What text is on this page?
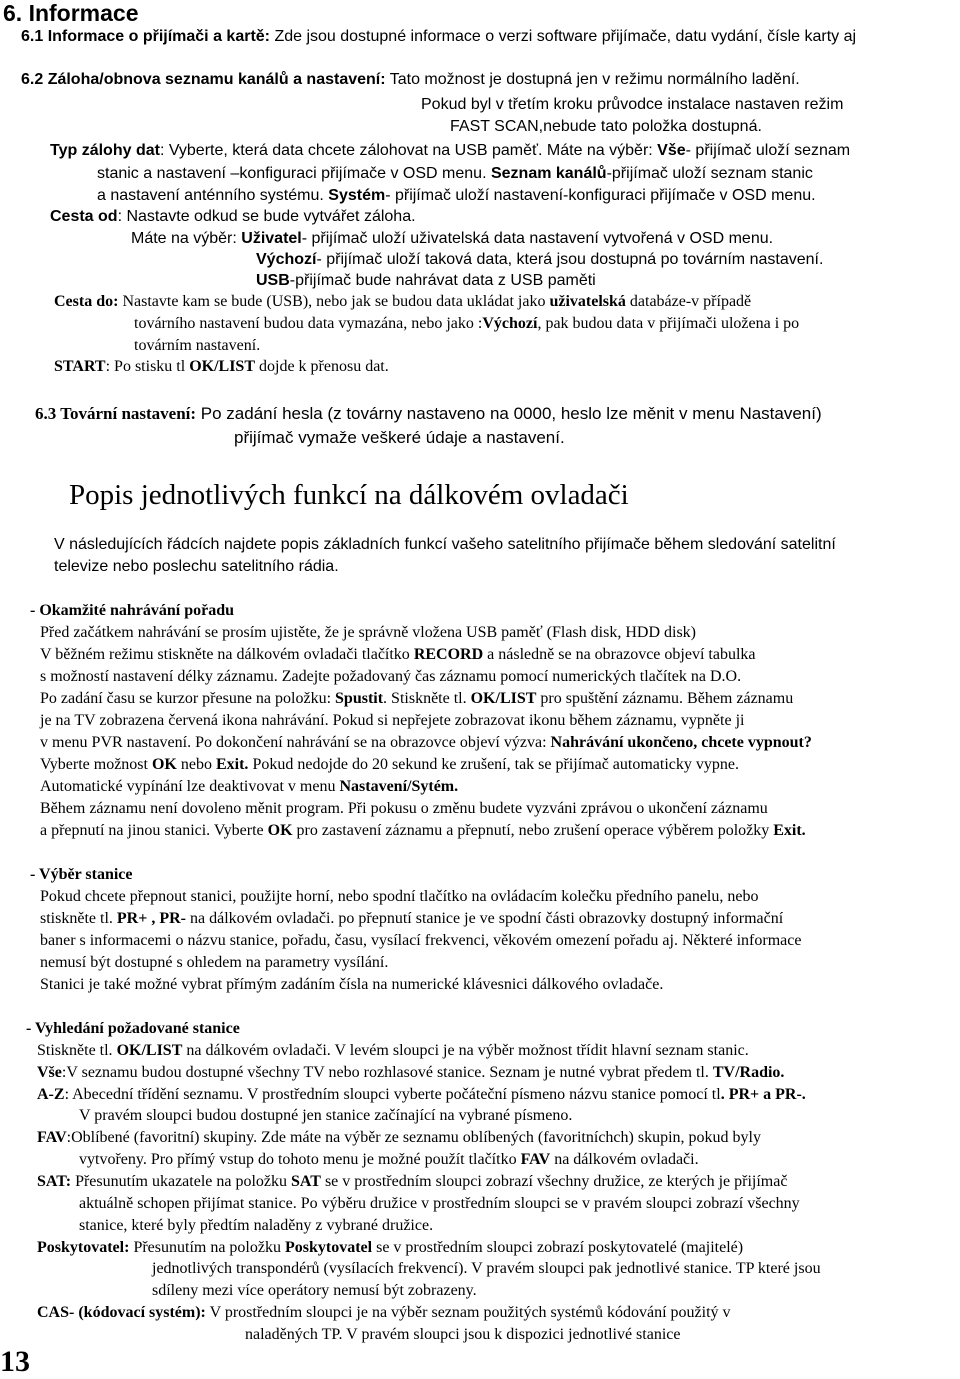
6. Informace
6.1 Informace o přijímači a kartě: Zde jsou dostupné informace o verzi software přijímače, datu vydání, čísle karty aj
6.2 Záloha/obnova seznamu kanálů a nastavení: Tato možnost je dostupná jen v režimu normálního ladění.
Pokud byl v třetím kroku průvodce instalace nastaven režim
FAST SCAN,nebude tato položka dostupná.
Typ zálohy dat: Vyberte, která data chcete zálohovat na USB paměť. Máte na výběr: Vše- přijímač uloží seznam
stanic a nastavení –konfiguraci přijímače v OSD menu. Seznam kanálů-přijímač uloží seznam stanic
a nastavení anténního systému. Systém- přijímač uloží nastavení-konfiguraci přijímače v OSD menu.
Cesta od: Nastavte odkud se bude vytvářet záloha.
Máte na výběr: Uživatel- přijímač uloží uživatelská data nastavení vytvořená v OSD menu.
Výchozí- přijímač uloží taková data, která jsou dostupná po továrním nastavení.
USB-přijímač bude nahrávat data z USB paměti
Cesta do: Nastavte kam se bude (USB), nebo jak se budou data ukládat jako uživatelská databáze-v případě
továrního nastavení budou data vymazána, nebo jako :Výchozí, pak budou data v přijímači uložena i po
továrním nastavení.
START: Po stisku tl OK/LIST dojde k přenosu dat.
6.3 Tovární nastavení: Po zadání hesla (z továrny nastaveno na 0000, heslo lze měnit v menu Nastavení)
přijímač vymaže veškeré údaje a nastavení.
Popis jednotlivých funkcí na dálkovém ovladači
V následujících řádcích najdete popis základních funkcí vašeho satelitního přijímače během sledování satelitní
televize nebo poslechu satelitního rádia.
- Okamžité nahrávání pořadu
Před začátkem nahrávání se prosím ujistěte, že je správně vložena USB paměť (Flash disk, HDD disk)
V běžném režimu stiskněte na dálkovém ovladači tlačítko RECORD a následně se na obrazovce objeví tabulka
s možností nastavení délky záznamu. Zadejte požadovaný čas záznamu pomocí numerických tlačítek na D.O.
Po zadání času se kurzor přesune na položku: Spustit. Stiskněte tl. OK/LIST pro spuštění záznamu. Během záznamu
je na TV zobrazena červená ikona nahrávání. Pokud si nepřejete zobrazovat ikonu během záznamu, vypněte ji
v menu PVR nastavení. Po dokončení nahrávání se na obrazovce objeví výzva: Nahrávání ukončeno, chcete vypnout?
Vyberte možnost OK nebo Exit. Pokud nedojde do 20 sekund ke zrušení, tak se přijímač automaticky vypne.
Automatické vypínání lze deaktivovat v menu Nastavení/Sytém.
Během záznamu není dovoleno měnit program. Při pokusu o změnu budete vyzváni zprávou o ukončení záznamu
a přepnutí na jinou stanici. Vyberte OK pro zastavení záznamu a přepnutí, nebo zrušení operace výběrem položky Exit.
- Výběr stanice
Pokud chcete přepnout stanici, použijte horní, nebo spodní tlačítko na ovládacím kolečku předního panelu, nebo
stiskněte tl. PR+ , PR- na dálkovém ovladači. po přepnutí stanice je ve spodní části obrazovky dostupný informační
baner s informacemi o názvu stanice, pořadu, času, vysílací frekvenci, věkovém omezení pořadu aj. Některé informace
nemusí být dostupné s ohledem na parametry vysílání.
Stanici je také možné vybrat přímým zadáním čísla na numerické klávesnici dálkového ovladače.
- Vyhledání požadované stanice
Stiskněte tl. OK/LIST na dálkovém ovladači. V levém sloupci je na výběr možnost třídit hlavní seznam stanic.
Vše:V seznamu budou dostupné všechny TV nebo rozhlasové stanice. Seznam je nutné vybrat předem tl. TV/Radio.
A-Z: Abecední třídění seznamu. V prostředním sloupci vyberte počáteční písmeno názvu stanice pomocí tl. PR+ a PR-.
V pravém sloupci budou dostupné jen stanice začínající na vybrané písmeno.
FAV:Oblíbené (favoritní) skupiny. Zde máte na výběr ze seznamu oblíbených (favoritníchch) skupin, pokud byly
vytvořeny. Pro přímý vstup do tohoto menu je možné použít tlačítko FAV na dálkovém ovladači.
SAT: Přesunutím ukazatele na položku SAT se v prostředním sloupci zobrazí všechny družice, ze kterých je přijímač
aktuálně schopen přijímat stanice. Po výběru družice v prostředním sloupci se v pravém sloupci zobrazí všechny
stanice, které byly předtím naladěny z vybrané družice.
Poskytovatel: Přesunutím na položku Poskytovatel se v prostředním sloupci zobrazí poskytovatelé (majitelé)
jednotlivých transpondérů (vysílacích frekvencí). V pravém sloupci pak jednotlivé stanice. TP které jsou
sdíleny mezi více operátory nemusí být zobrazeny.
CAS- (kódovací systém): V prostředním sloupci je na výběr seznam použitých systémů kódování použitý v
naladěných TP. V pravém sloupci jsou k dispozici jednotlivé stanice
13
